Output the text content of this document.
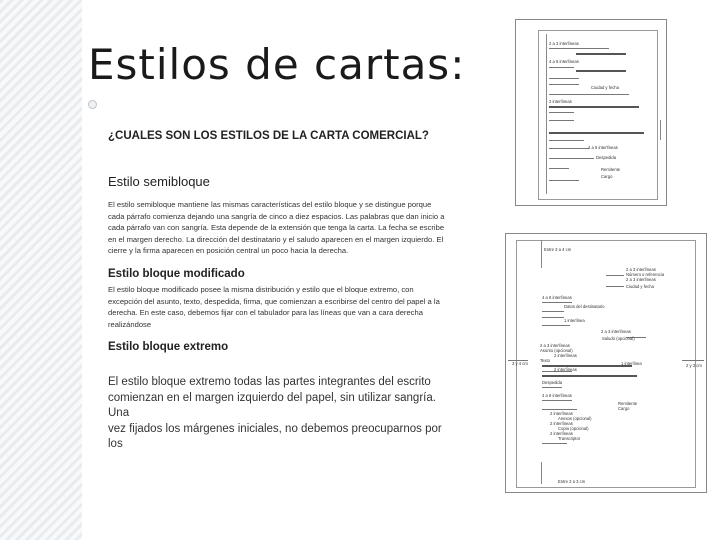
Estilos de cartas:
¿CUALES SON LOS ESTILOS DE LA CARTA COMERCIAL?
Estilo semibloque
El estilo semibloque mantiene las mismas características del estilo bloque y se distingue porque
cada párrafo comienza dejando una sangría de cinco a diez espacios. Las palabras que dan inicio a
cada párrafo van con sangría. Esta depende de la extensión que tenga la carta. La fecha se escribe
en el margen derecho. La dirección del destinatario y el saludo aparecen en el margen izquierdo. El
cierre y la firma aparecen en posición central un poco hacia la derecha.
Estilo bloque modificado
El estilo bloque modificado posee la misma distribución y estilo que el bloque extremo, con
excepción del asunto, texto, despedida, firma, que comienzan a escribirse del centro del papel a la
derecha. En este caso, debemos fijar con el tabulador para las líneas que van a cara derecha
realizándose
Estilo bloque extremo
El estilo bloque extremo todas las partes integrantes del escrito
comienzan en el margen izquierdo del papel, sin utilizar sangría. Una
vez fijados los márgenes iniciales, no debemos preocuparnos por los
2 a 3 interlíneas
4 a 6 interlíneas
Ciudad y fecha
2 interlíneas
4 a 5 interlíneas
Despedida
Remitente
Cargo
Entre 3 a 4 cm
2 a 3 interlíneas
Número o referencia
2 a 3 interlíneas
Ciudad y fecha
4 a 6 interlíneas
Datos del destinatario
1 interlínea
2 a 3 interlíneas
Saludo (opcional)
2 a 3 interlíneas
Asunto (opcional)
2 interlíneas
Texto
1 interlínea
2 interlíneas
Despedida
4 a 6 interlíneas
Remitente
Cargo
2 interlíneas
Anexos (opcional)
2 interlíneas
Copia (opcional)
2 interlíneas
Transcriptor
Entre 2 a 3 cm
3 y 4 cm	2 y 3 cm
